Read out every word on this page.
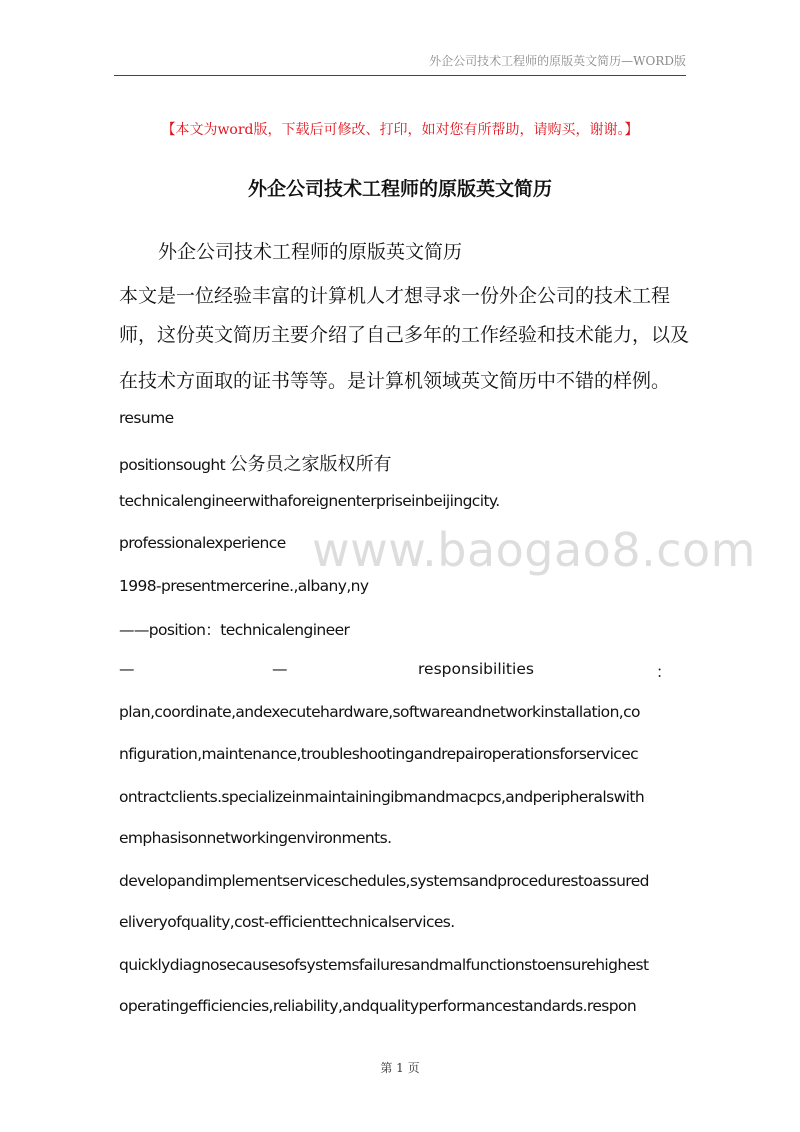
外企公司技术工程师的原版英文简历—WORD版

【本文为word版，下载后可修改、打印，如对您有所帮助，请购买，谢谢。】

外企公司技术工程师的原版英文简历

外企公司技术工程师的原版英文简历

本文是一位经验丰富的计算机人才想寻求一份外企公司的技术工程

师，这份英文简历主要介绍了自己多年的工作经验和技术能力，以及

在技术方面取的证书等等。是计算机领域英文简历中不错的样例。

resume

positionsought 公务员之家版权所有

technicalengineerwithaforeignenterpriseinbeijingcity.

professionalexperience

1998-presentmercerine.,albany,ny

——position：technicalengineer

—	—	responsibilities	：

plan,coordinate,andexecutehardware,softwareandnetworkinstallation,co

nfiguration,maintenance,troubleshootingandrepairoperationsforservicec

ontractclients.specializeinmaintainingibmandmacpcs,andperipheralswith

emphasisonnetworkingenvironments.

developandimplementserviceschedules,systemsandprocedurestoassured

eliveryofquality,cost-efficienttechnicalservices.

quicklydiagnosecausesofsystemsfailuresandmalfunctionstoensurehighest

operatingefficiencies,reliability,andqualityperformancestandards.respon

www.baogao8.com

第 1 页
